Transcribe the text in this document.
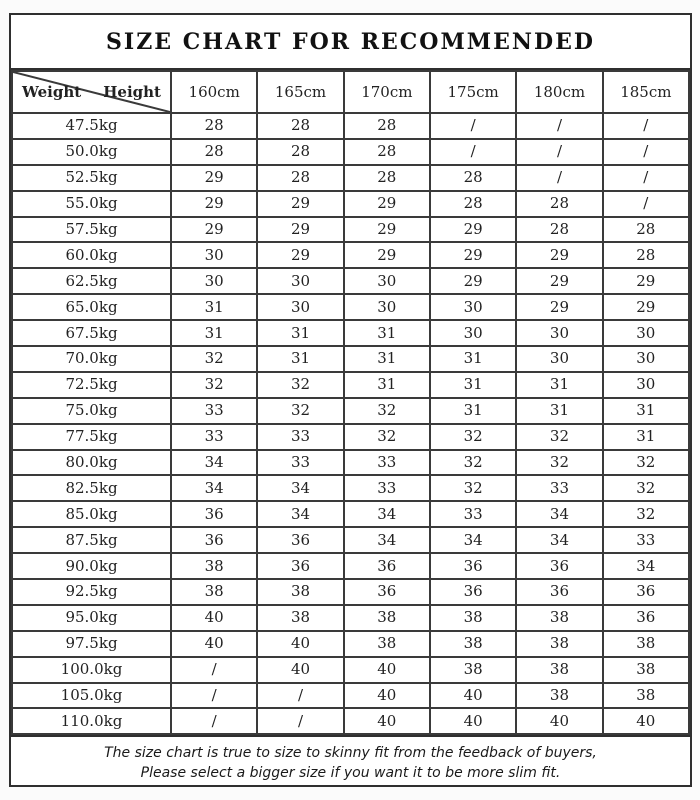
SIZE CHART FOR RECOMMENDED
Weight Height	160cm	165cm	170cm	175cm	180cm	185cm
47.5kg	28	28	28	/	/	/
50.0kg	28	28	28	/	/	/
52.5kg	29	28	28	28	/	/
55.0kg	29	29	29	28	28	/
57.5kg	29	29	29	29	28	28
60.0kg	30	29	29	29	29	28
62.5kg	30	30	30	29	29	29
65.0kg	31	30	30	30	29	29
67.5kg	31	31	31	30	30	30
70.0kg	32	31	31	31	30	30
72.5kg	32	32	31	31	31	30
75.0kg	33	32	32	31	31	31
77.5kg	33	33	32	32	32	31
80.0kg	34	33	33	32	32	32
82.5kg	34	34	33	32	33	32
85.0kg	36	34	34	33	34	32
87.5kg	36	36	34	34	34	33
90.0kg	38	36	36	36	36	34
92.5kg	38	38	36	36	36	36
95.0kg	40	38	38	38	38	36
97.5kg	40	40	38	38	38	38
100.0kg	/	40	40	38	38	38
105.0kg	/	/	40	40	38	38
110.0kg	/	/	40	40	40	40
The size chart is true to size to skinny fit from the feedback of buyers,
Please select a bigger size if you want it to be more slim fit.
